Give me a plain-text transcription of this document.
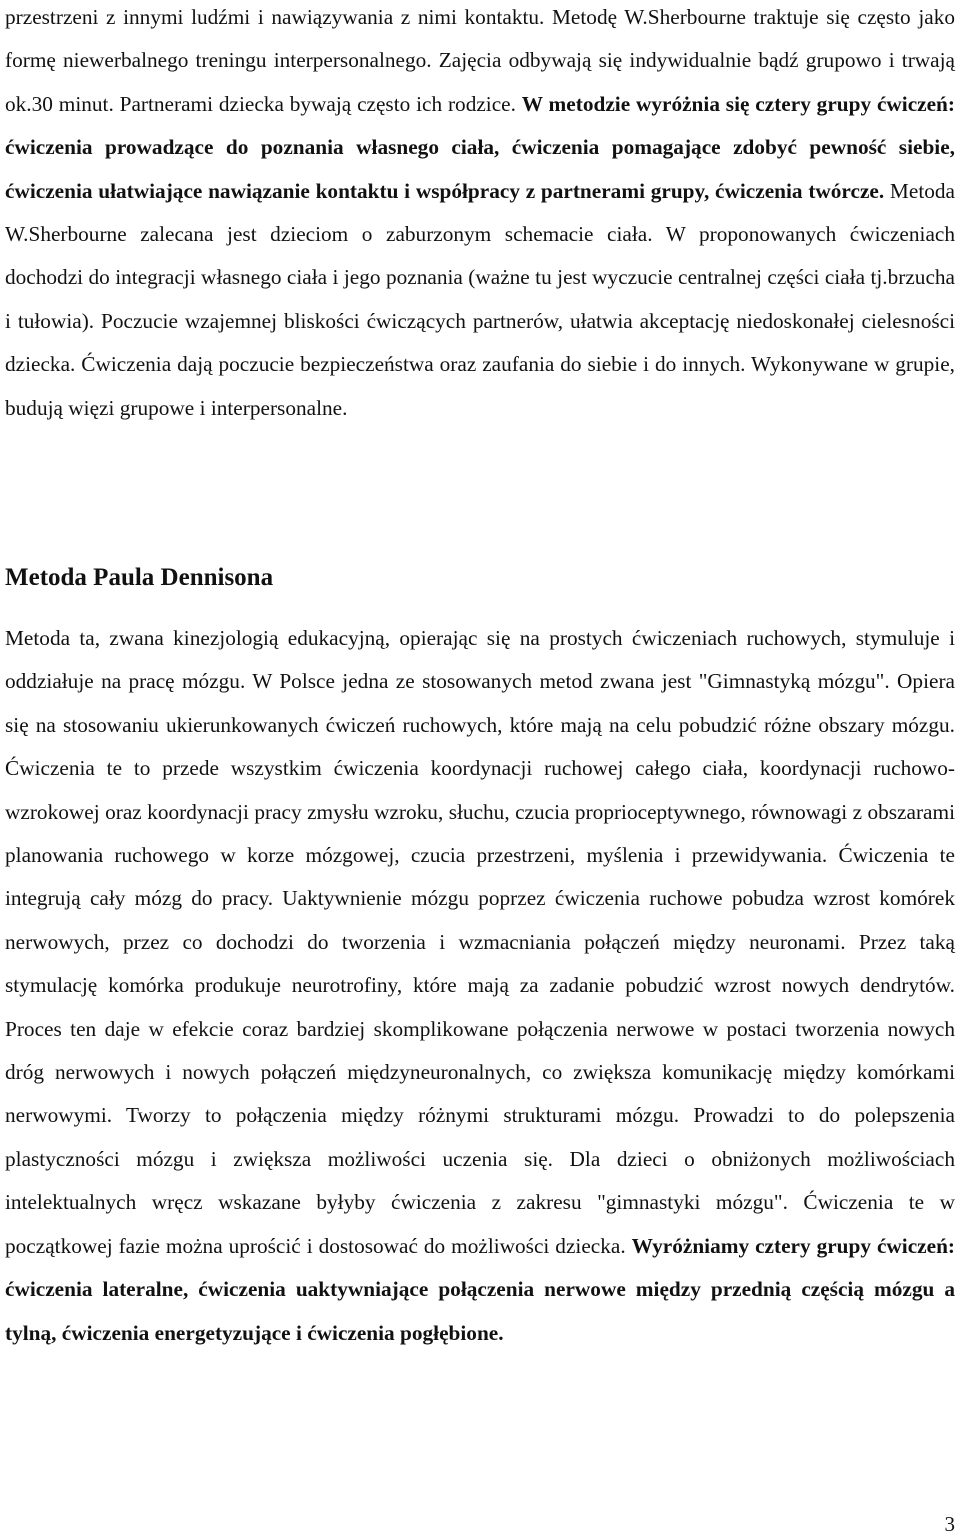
przestrzeni z innymi ludźmi i nawiązywania z nimi kontaktu. Metodę W.Sherbourne traktuje się często jako formę niewerbalnego treningu interpersonalnego. Zajęcia odbywają się indywidualnie bądź grupowo i trwają ok.30 minut. Partnerami dziecka bywają często ich rodzice. W metodzie wyróżnia się cztery grupy ćwiczeń: ćwiczenia prowadzące do poznania własnego ciała, ćwiczenia pomagające zdobyć pewność siebie, ćwiczenia ułatwiające nawiązanie kontaktu i współpracy z partnerami grupy, ćwiczenia twórcze. Metoda W.Sherbourne zalecana jest dzieciom o zaburzonym schemacie ciała. W proponowanych ćwiczeniach dochodzi do integracji własnego ciała i jego poznania (ważne tu jest wyczucie centralnej części ciała tj.brzucha i tułowia). Poczucie wzajemnej bliskości ćwiczących partnerów, ułatwia akceptację niedoskonałej cielesności dziecka. Ćwiczenia dają poczucie bezpieczeństwa oraz zaufania do siebie i do innych. Wykonywane w grupie, budują więzi grupowe i interpersonalne.

Metoda Paula Dennisona

Metoda ta, zwana kinezjologią edukacyjną, opierając się na prostych ćwiczeniach ruchowych, stymuluje i oddziałuje na pracę mózgu. W Polsce jedna ze stosowanych metod zwana jest "Gimnastyką mózgu". Opiera się na stosowaniu ukierunkowanych ćwiczeń ruchowych, które mają na celu pobudzić różne obszary mózgu. Ćwiczenia te to przede wszystkim ćwiczenia koordynacji ruchowej całego ciała, koordynacji ruchowo-wzrokowej oraz koordynacji pracy zmysłu wzroku, słuchu, czucia proprioceptywnego, równowagi z obszarami planowania ruchowego w korze mózgowej, czucia przestrzeni, myślenia i przewidywania. Ćwiczenia te integrują cały mózg do pracy. Uaktywnienie mózgu poprzez ćwiczenia ruchowe pobudza wzrost komórek nerwowych, przez co dochodzi do tworzenia i wzmacniania połączeń między neuronami. Przez taką stymulację komórka produkuje neurotrofiny, które mają za zadanie pobudzić wzrost nowych dendrytów. Proces ten daje w efekcie coraz bardziej skomplikowane połączenia nerwowe w postaci tworzenia nowych dróg nerwowych i nowych połączeń międzyneuronalnych, co zwiększa komunikację między komórkami nerwowymi. Tworzy to połączenia między różnymi strukturami mózgu. Prowadzi to do polepszenia plastyczności mózgu i zwiększa możliwości uczenia się. Dla dzieci o obniżonych możliwościach intelektualnych wręcz wskazane byłyby ćwiczenia z zakresu "gimnastyki mózgu". Ćwiczenia te w początkowej fazie można uprościć i dostosować do możliwości dziecka. Wyróżniamy cztery grupy ćwiczeń: ćwiczenia lateralne, ćwiczenia uaktywniające połączenia nerwowe między przednią częścią mózgu a tylną, ćwiczenia energetyzujące i ćwiczenia pogłębione.

3
